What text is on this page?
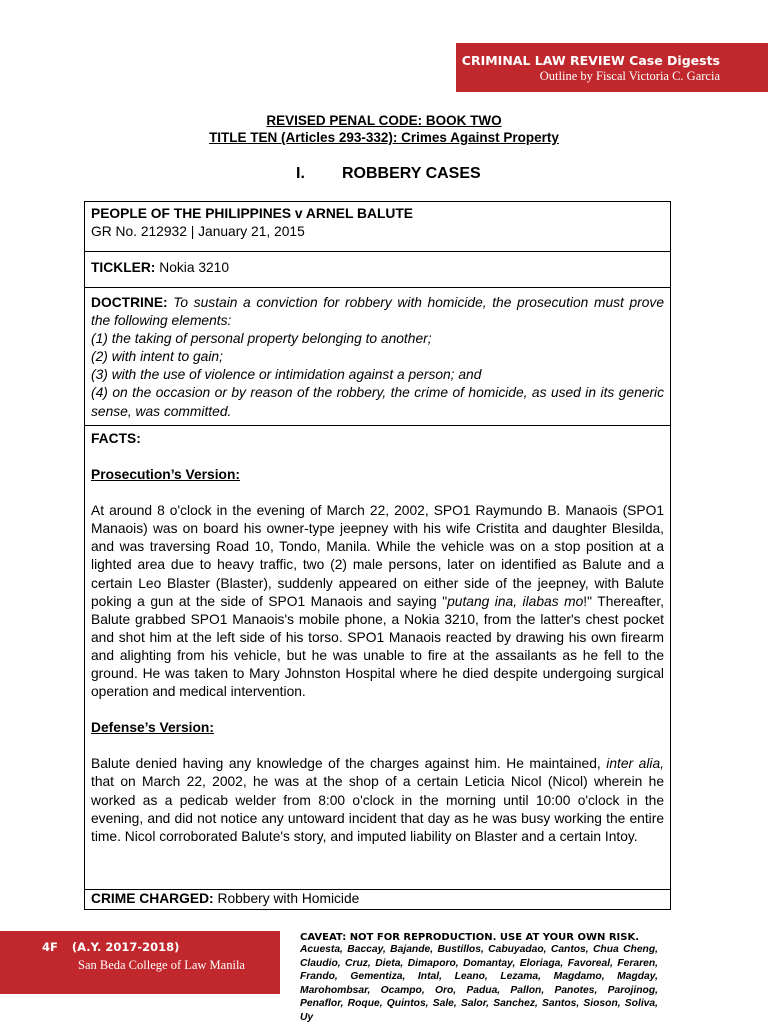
CRIMINAL LAW REVIEW Case Digests
Outline by Fiscal Victoria C. Garcia
REVISED PENAL CODE: BOOK TWO
TITLE TEN (Articles 293-332): Crimes Against Property
I. ROBBERY CASES
PEOPLE OF THE PHILIPPINES v ARNEL BALUTE
GR No. 212932 | January 21, 2015
TICKLER: Nokia 3210
DOCTRINE: To sustain a conviction for robbery with homicide, the prosecution must prove the following elements:
(1) the taking of personal property belonging to another;
(2) with intent to gain;
(3) with the use of violence or intimidation against a person; and
(4) on the occasion or by reason of the robbery, the crime of homicide, as used in its generic sense, was committed.
FACTS:
Prosecution’s Version:
At around 8 o'clock in the evening of March 22, 2002, SPO1 Raymundo B. Manaois (SPO1 Manaois) was on board his owner-type jeepney with his wife Cristita and daughter Blesilda, and was traversing Road 10, Tondo, Manila. While the vehicle was on a stop position at a lighted area due to heavy traffic, two (2) male persons, later on identified as Balute and a certain Leo Blaster (Blaster), suddenly appeared on either side of the jeepney, with Balute poking a gun at the side of SPO1 Manaois and saying "putang ina, ilabas mo!" Thereafter, Balute grabbed SPO1 Manaois's mobile phone, a Nokia 3210, from the latter's chest pocket and shot him at the left side of his torso. SPO1 Manaois reacted by drawing his own firearm and alighting from his vehicle, but he was unable to fire at the assailants as he fell to the ground. He was taken to Mary Johnston Hospital where he died despite undergoing surgical operation and medical intervention.
Defense’s Version:
Balute denied having any knowledge of the charges against him. He maintained, inter alia, that on March 22, 2002, he was at the shop of a certain Leticia Nicol (Nicol) wherein he worked as a pedicab welder from 8:00 o'clock in the morning until 10:00 o'clock in the evening, and did not notice any untoward incident that day as he was busy working the entire time. Nicol corroborated Balute's story, and imputed liability on Blaster and a certain Intoy.
CRIME CHARGED: Robbery with Homicide
4F (A.Y. 2017-2018)
San Beda College of Law Manila
CAVEAT: NOT FOR REPRODUCTION. USE AT YOUR OWN RISK.
Acuesta, Baccay, Bajande, Bustillos, Cabuyadao, Cantos, Chua Cheng, Claudio, Cruz, Dieta, Dimaporo, Domantay, Eloriaga, Favoreal, Feraren, Frando, Gementiza, Intal, Leano, Lezama, Magdamo, Magday, Marohombsar, Ocampo, Oro, Padua, Pallon, Panotes, Parojinog, Penaflor, Roque, Quintos, Sale, Salor, Sanchez, Santos, Sioson, Soliva, Uy
